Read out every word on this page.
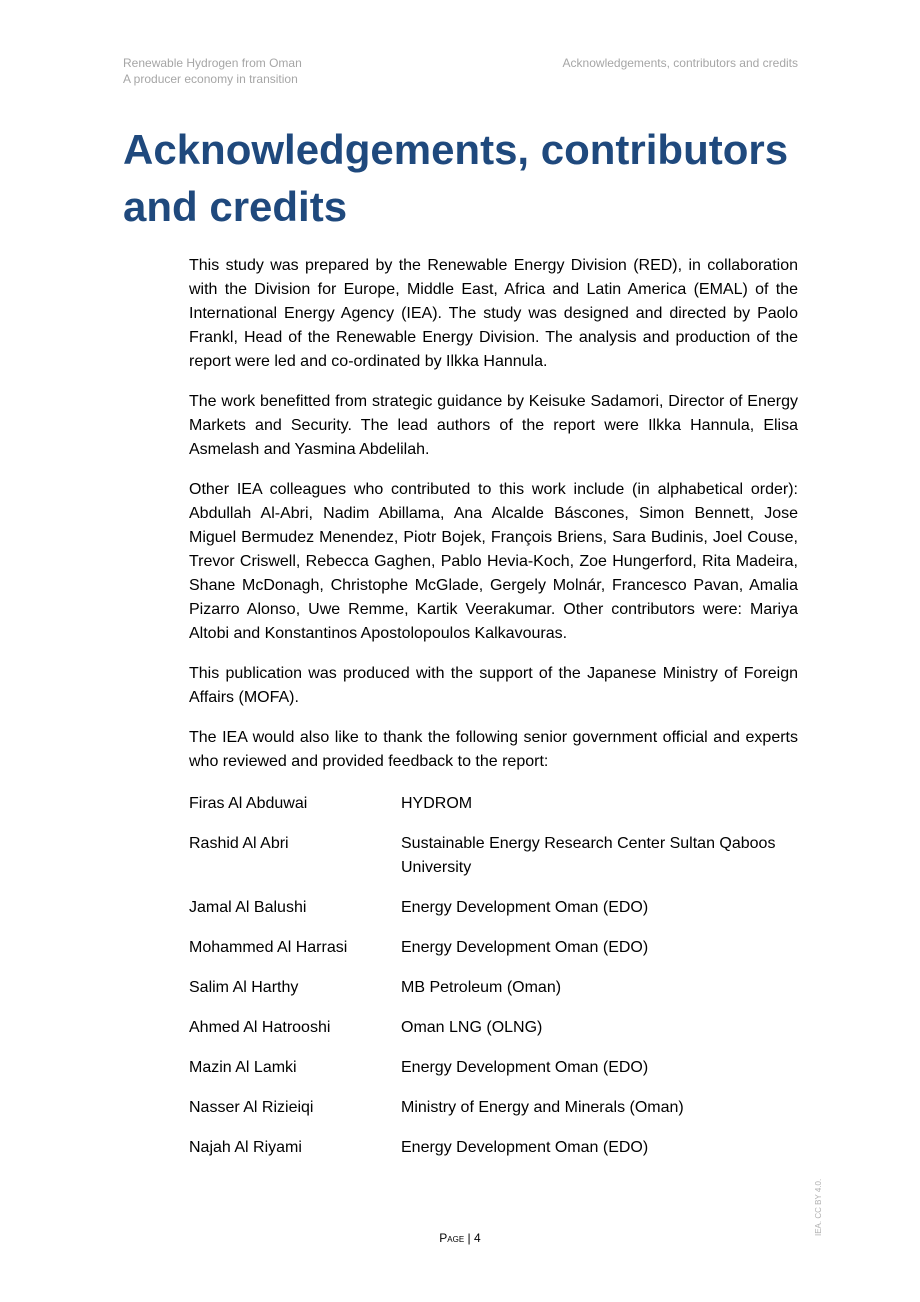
Renewable Hydrogen from Oman
A producer economy in transition
Acknowledgements, contributors and credits
Acknowledgements, contributors and credits

This study was prepared by the Renewable Energy Division (RED), in collaboration with the Division for Europe, Middle East, Africa and Latin America (EMAL) of the International Energy Agency (IEA). The study was designed and directed by Paolo Frankl, Head of the Renewable Energy Division. The analysis and production of the report were led and co-ordinated by Ilkka Hannula.

The work benefitted from strategic guidance by Keisuke Sadamori, Director of Energy Markets and Security. The lead authors of the report were Ilkka Hannula, Elisa Asmelash and Yasmina Abdelilah.

Other IEA colleagues who contributed to this work include (in alphabetical order): Abdullah Al-Abri, Nadim Abillama, Ana Alcalde Báscones, Simon Bennett, Jose Miguel Bermudez Menendez, Piotr Bojek, François Briens, Sara Budinis, Joel Couse, Trevor Criswell, Rebecca Gaghen, Pablo Hevia-Koch, Zoe Hungerford, Rita Madeira, Shane McDonagh, Christophe McGlade, Gergely Molnár, Francesco Pavan, Amalia Pizarro Alonso, Uwe Remme, Kartik Veerakumar. Other contributors were: Mariya Altobi and Konstantinos Apostolopoulos Kalkavouras.

This publication was produced with the support of the Japanese Ministry of Foreign Affairs (MOFA).

The IEA would also like to thank the following senior government official and experts who reviewed and provided feedback to the report:

Firas Al Abduwai	HYDROM
Rashid Al Abri	Sustainable Energy Research Center Sultan Qaboos University
Jamal Al Balushi	Energy Development Oman (EDO)
Mohammed Al Harrasi	Energy Development Oman (EDO)
Salim Al Harthy	MB Petroleum (Oman)
Ahmed Al Hatrooshi	Oman LNG (OLNG)
Mazin Al Lamki	Energy Development Oman (EDO)
Nasser Al Rizieiqi	Ministry of Energy and Minerals (Oman)
Najah Al Riyami	Energy Development Oman (EDO)
IEA. CC BY 4.0.
Page | 4
